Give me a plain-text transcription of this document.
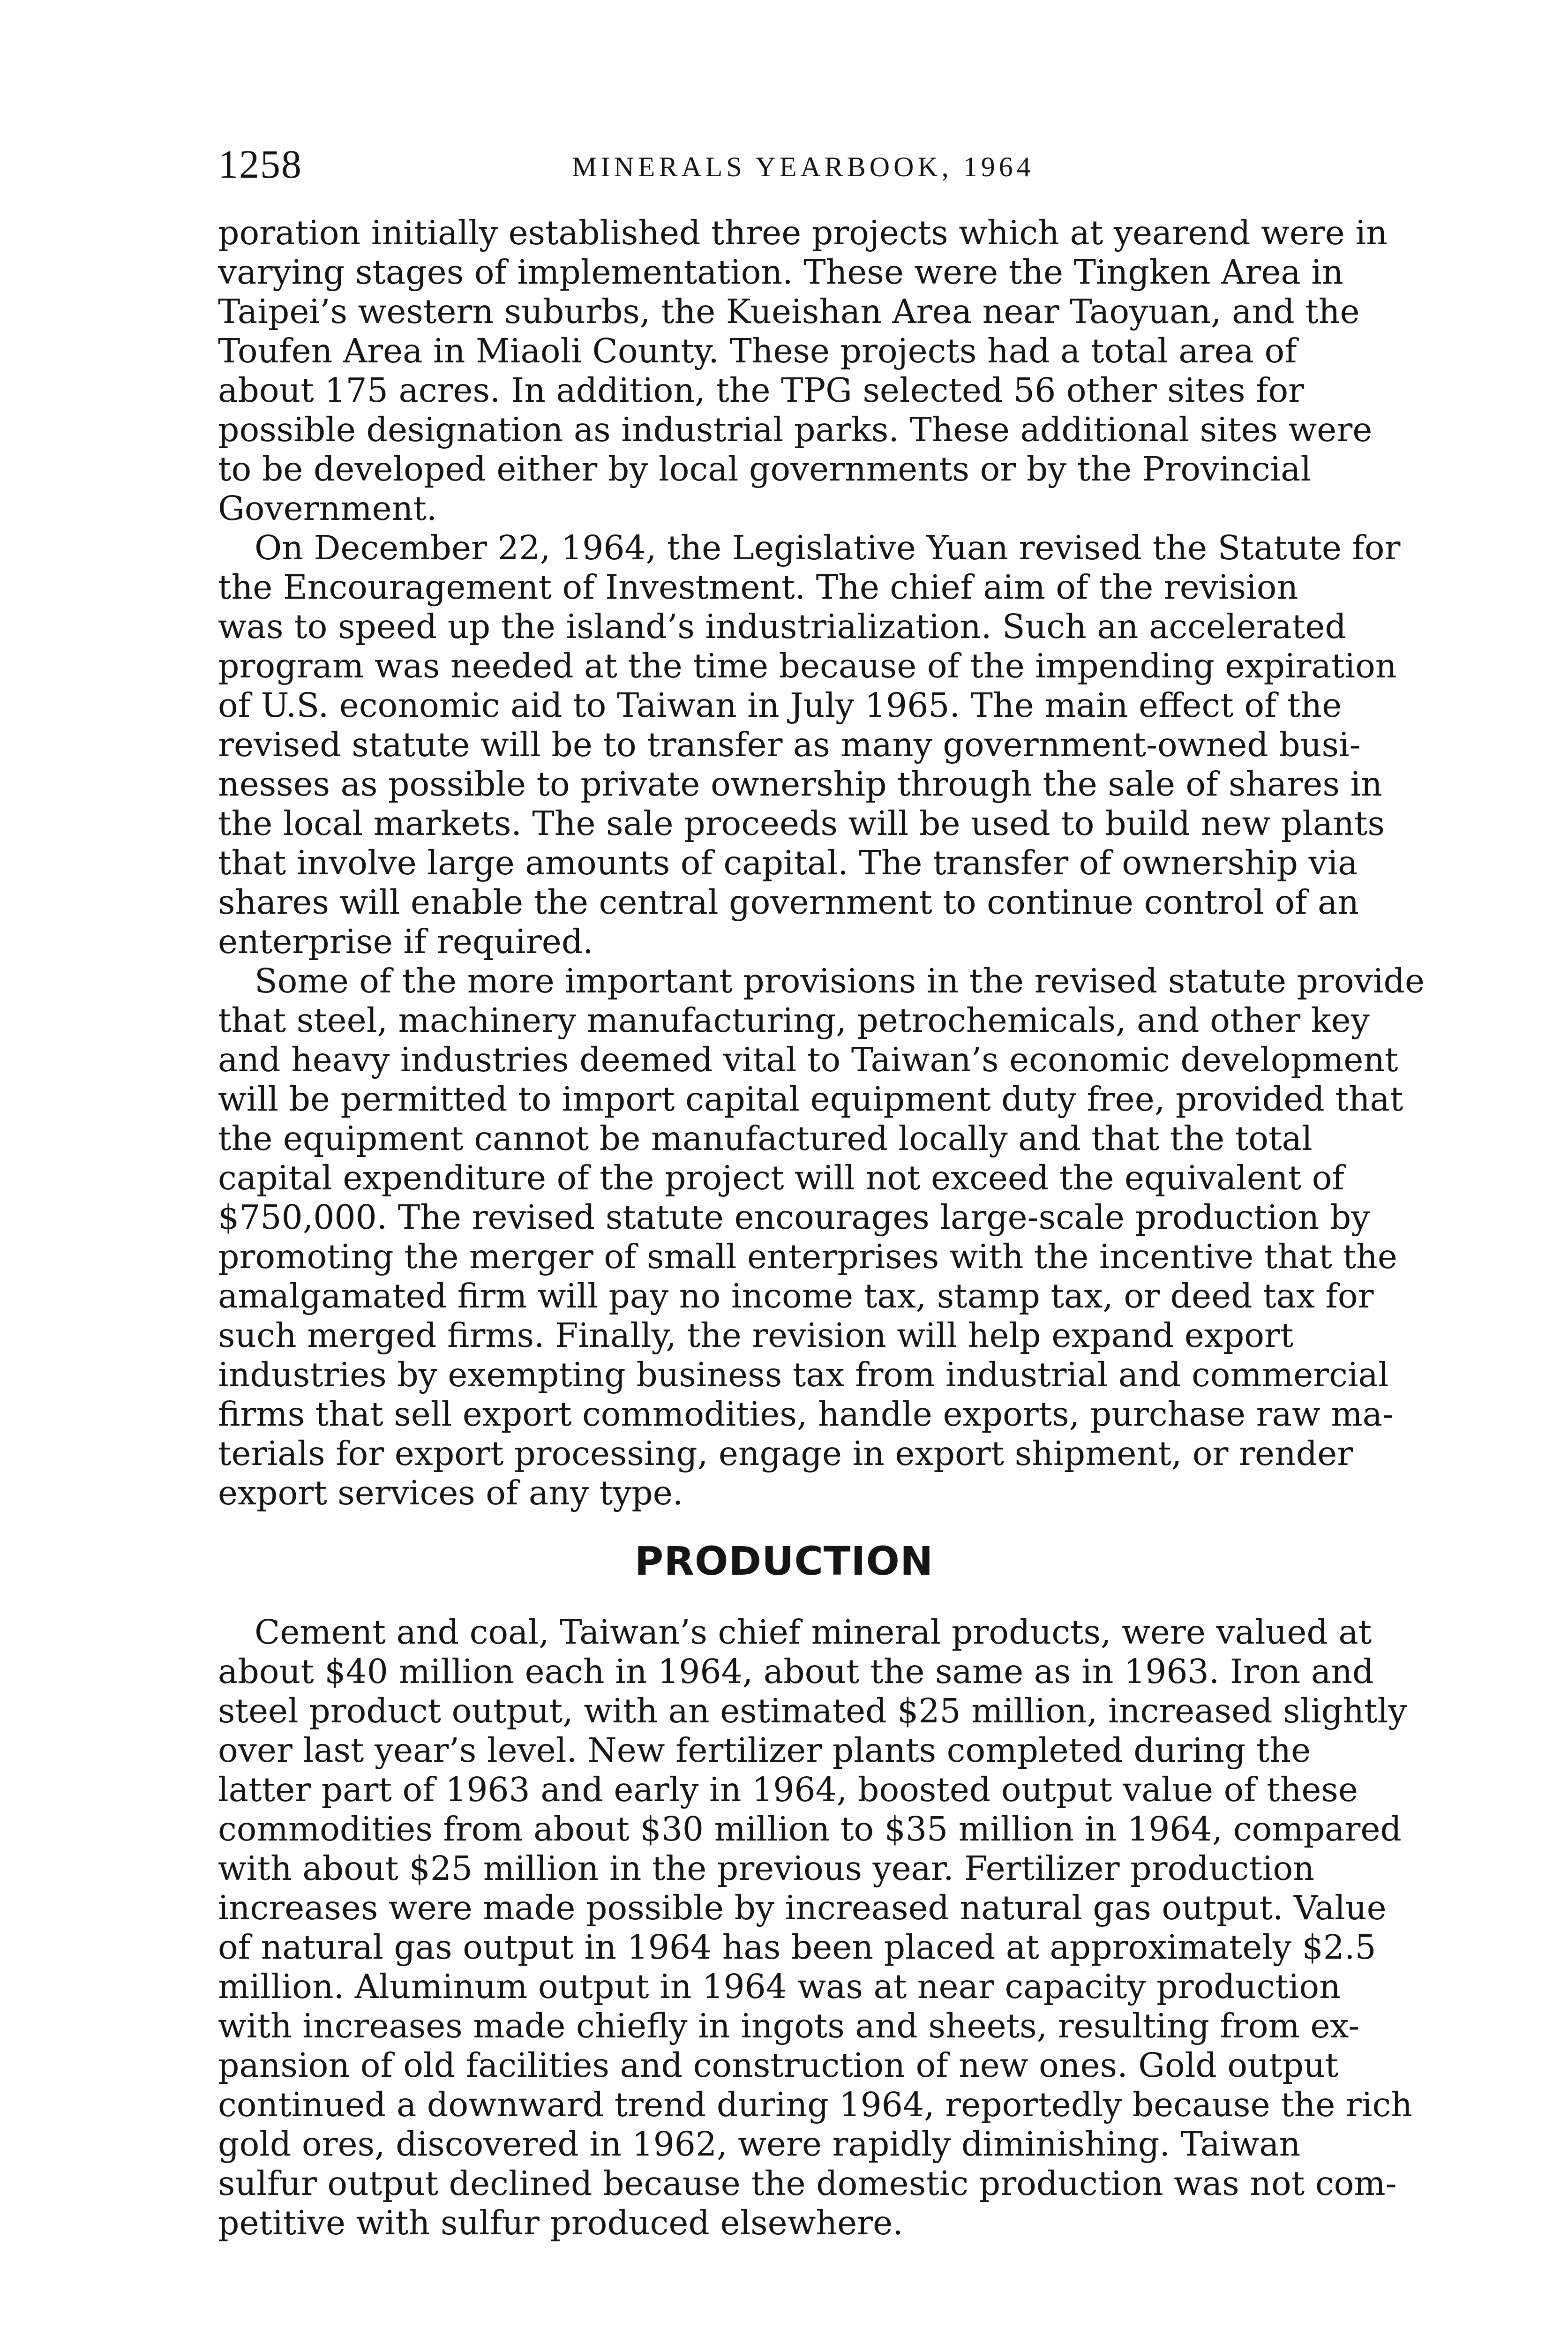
1258	MINERALS YEARBOOK, 1964
poration initially established three projects which at yearend were in
varying stages of implementation. These were the Tingken Area in
Taipei’s western suburbs, the Kueishan Area near Taoyuan, and the
Toufen Area in Miaoli County. These projects had a total area of
about 175 acres. In addition, the TPG selected 56 other sites for
possible designation as industrial parks. These additional sites were
to be developed either by local governments or by the Provincial
Government.
On December 22, 1964, the Legislative Yuan revised the Statute for
the Encouragement of Investment. The chief aim of the revision
was to speed up the island’s industrialization. Such an accelerated
program was needed at the time because of the impending expiration
of U.S. economic aid to Taiwan in July 1965. The main effect of the
revised statute will be to transfer as many government-owned busi-
nesses as possible to private ownership through the sale of shares in
the local markets. The sale proceeds will be used to build new plants
that involve large amounts of capital. The transfer of ownership via
shares will enable the central government to continue control of an
enterprise if required.
Some of the more important provisions in the revised statute provide
that steel, machinery manufacturing, petrochemicals, and other key
and heavy industries deemed vital to Taiwan’s economic development
will be permitted to import capital equipment duty free, provided that
the equipment cannot be manufactured locally and that the total
capital expenditure of the project will not exceed the equivalent of
$750,000. The revised statute encourages large-scale production by
promoting the merger of small enterprises with the incentive that the
amalgamated firm will pay no income tax, stamp tax, or deed tax for
such merged firms. Finally, the revision will help expand export
industries by exempting business tax from industrial and commercial
firms that sell export commodities, handle exports, purchase raw ma-
terials for export processing, engage in export shipment, or render
export services of any type.
PRODUCTION
Cement and coal, Taiwan’s chief mineral products, were valued at
about $40 million each in 1964, about the same as in 1963. Iron and
steel product output, with an estimated $25 million, increased slightly
over last year’s level. New fertilizer plants completed during the
latter part of 1963 and early in 1964, boosted output value of these
commodities from about $30 million to $35 million in 1964, compared
with about $25 million in the previous year. Fertilizer production
increases were made possible by increased natural gas output. Value
of natural gas output in 1964 has been placed at approximately $2.5
million. Aluminum output in 1964 was at near capacity production
with increases made chiefly in ingots and sheets, resulting from ex-
pansion of old facilities and construction of new ones. Gold output
continued a downward trend during 1964, reportedly because the rich
gold ores, discovered in 1962, were rapidly diminishing. Taiwan
sulfur output declined because the domestic production was not com-
petitive with sulfur produced elsewhere.
